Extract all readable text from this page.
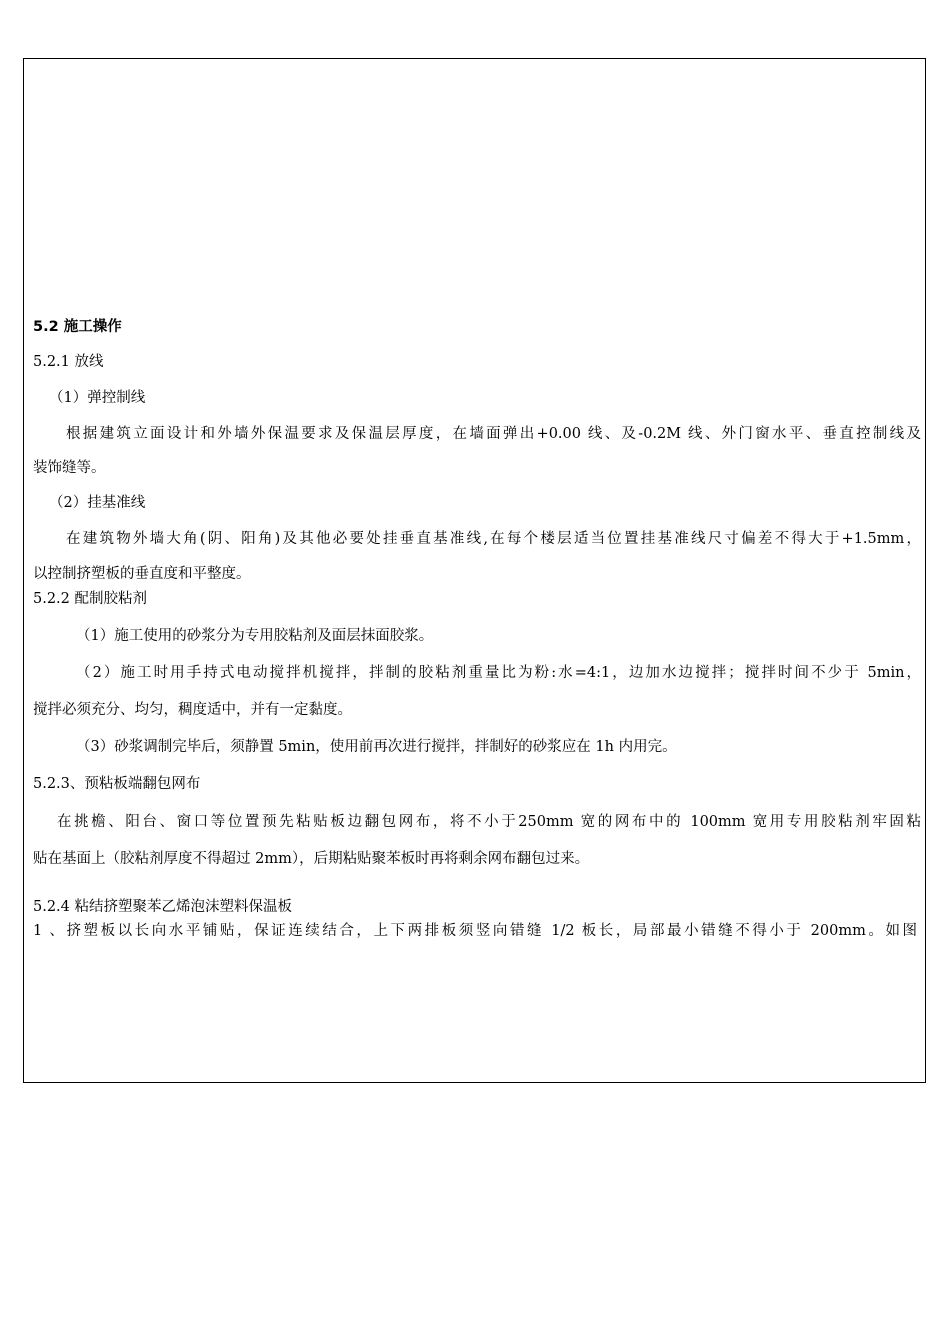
5.2 施工操作
5.2.1 放线
（1）弹控制线
根据建筑立面设计和外墙外保温要求及保温层厚度，在墙面弹出+0.00 线、及-0.2M 线、外门窗水平、垂直控制线及
装饰缝等。
（2）挂基准线
在建筑物外墙大角(阴、阳角)及其他必要处挂垂直基准线,在每个楼层适当位置挂基准线尺寸偏差不得大于+1.5mm，
以控制挤塑板的垂直度和平整度。
5.2.2 配制胶粘剂
（1）施工使用的砂浆分为专用胶粘剂及面层抹面胶浆。
（2）施工时用手持式电动搅拌机搅拌，拌制的胶粘剂重量比为粉:水=4:1，边加水边搅拌；搅拌时间不少于 5min，
搅拌必须充分、均匀，稠度适中，并有一定黏度。
（3）砂浆调制完毕后，须静置 5min，使用前再次进行搅拌，拌制好的砂浆应在 1h 内用完。
5.2.3、预粘板端翻包网布
在挑檐、阳台、窗口等位置预先粘贴板边翻包网布，将不小于250mm 宽的网布中的 100mm 宽用专用胶粘剂牢固粘
贴在基面上（胶粘剂厚度不得超过 2mm），后期粘贴聚苯板时再将剩余网布翻包过来。
5.2.4 粘结挤塑聚苯乙烯泡沫塑料保温板
1 、挤塑板以长向水平铺贴，保证连续结合，上下两排板须竖向错缝 1/2 板长，局部最小错缝不得小于 200mm。如图
